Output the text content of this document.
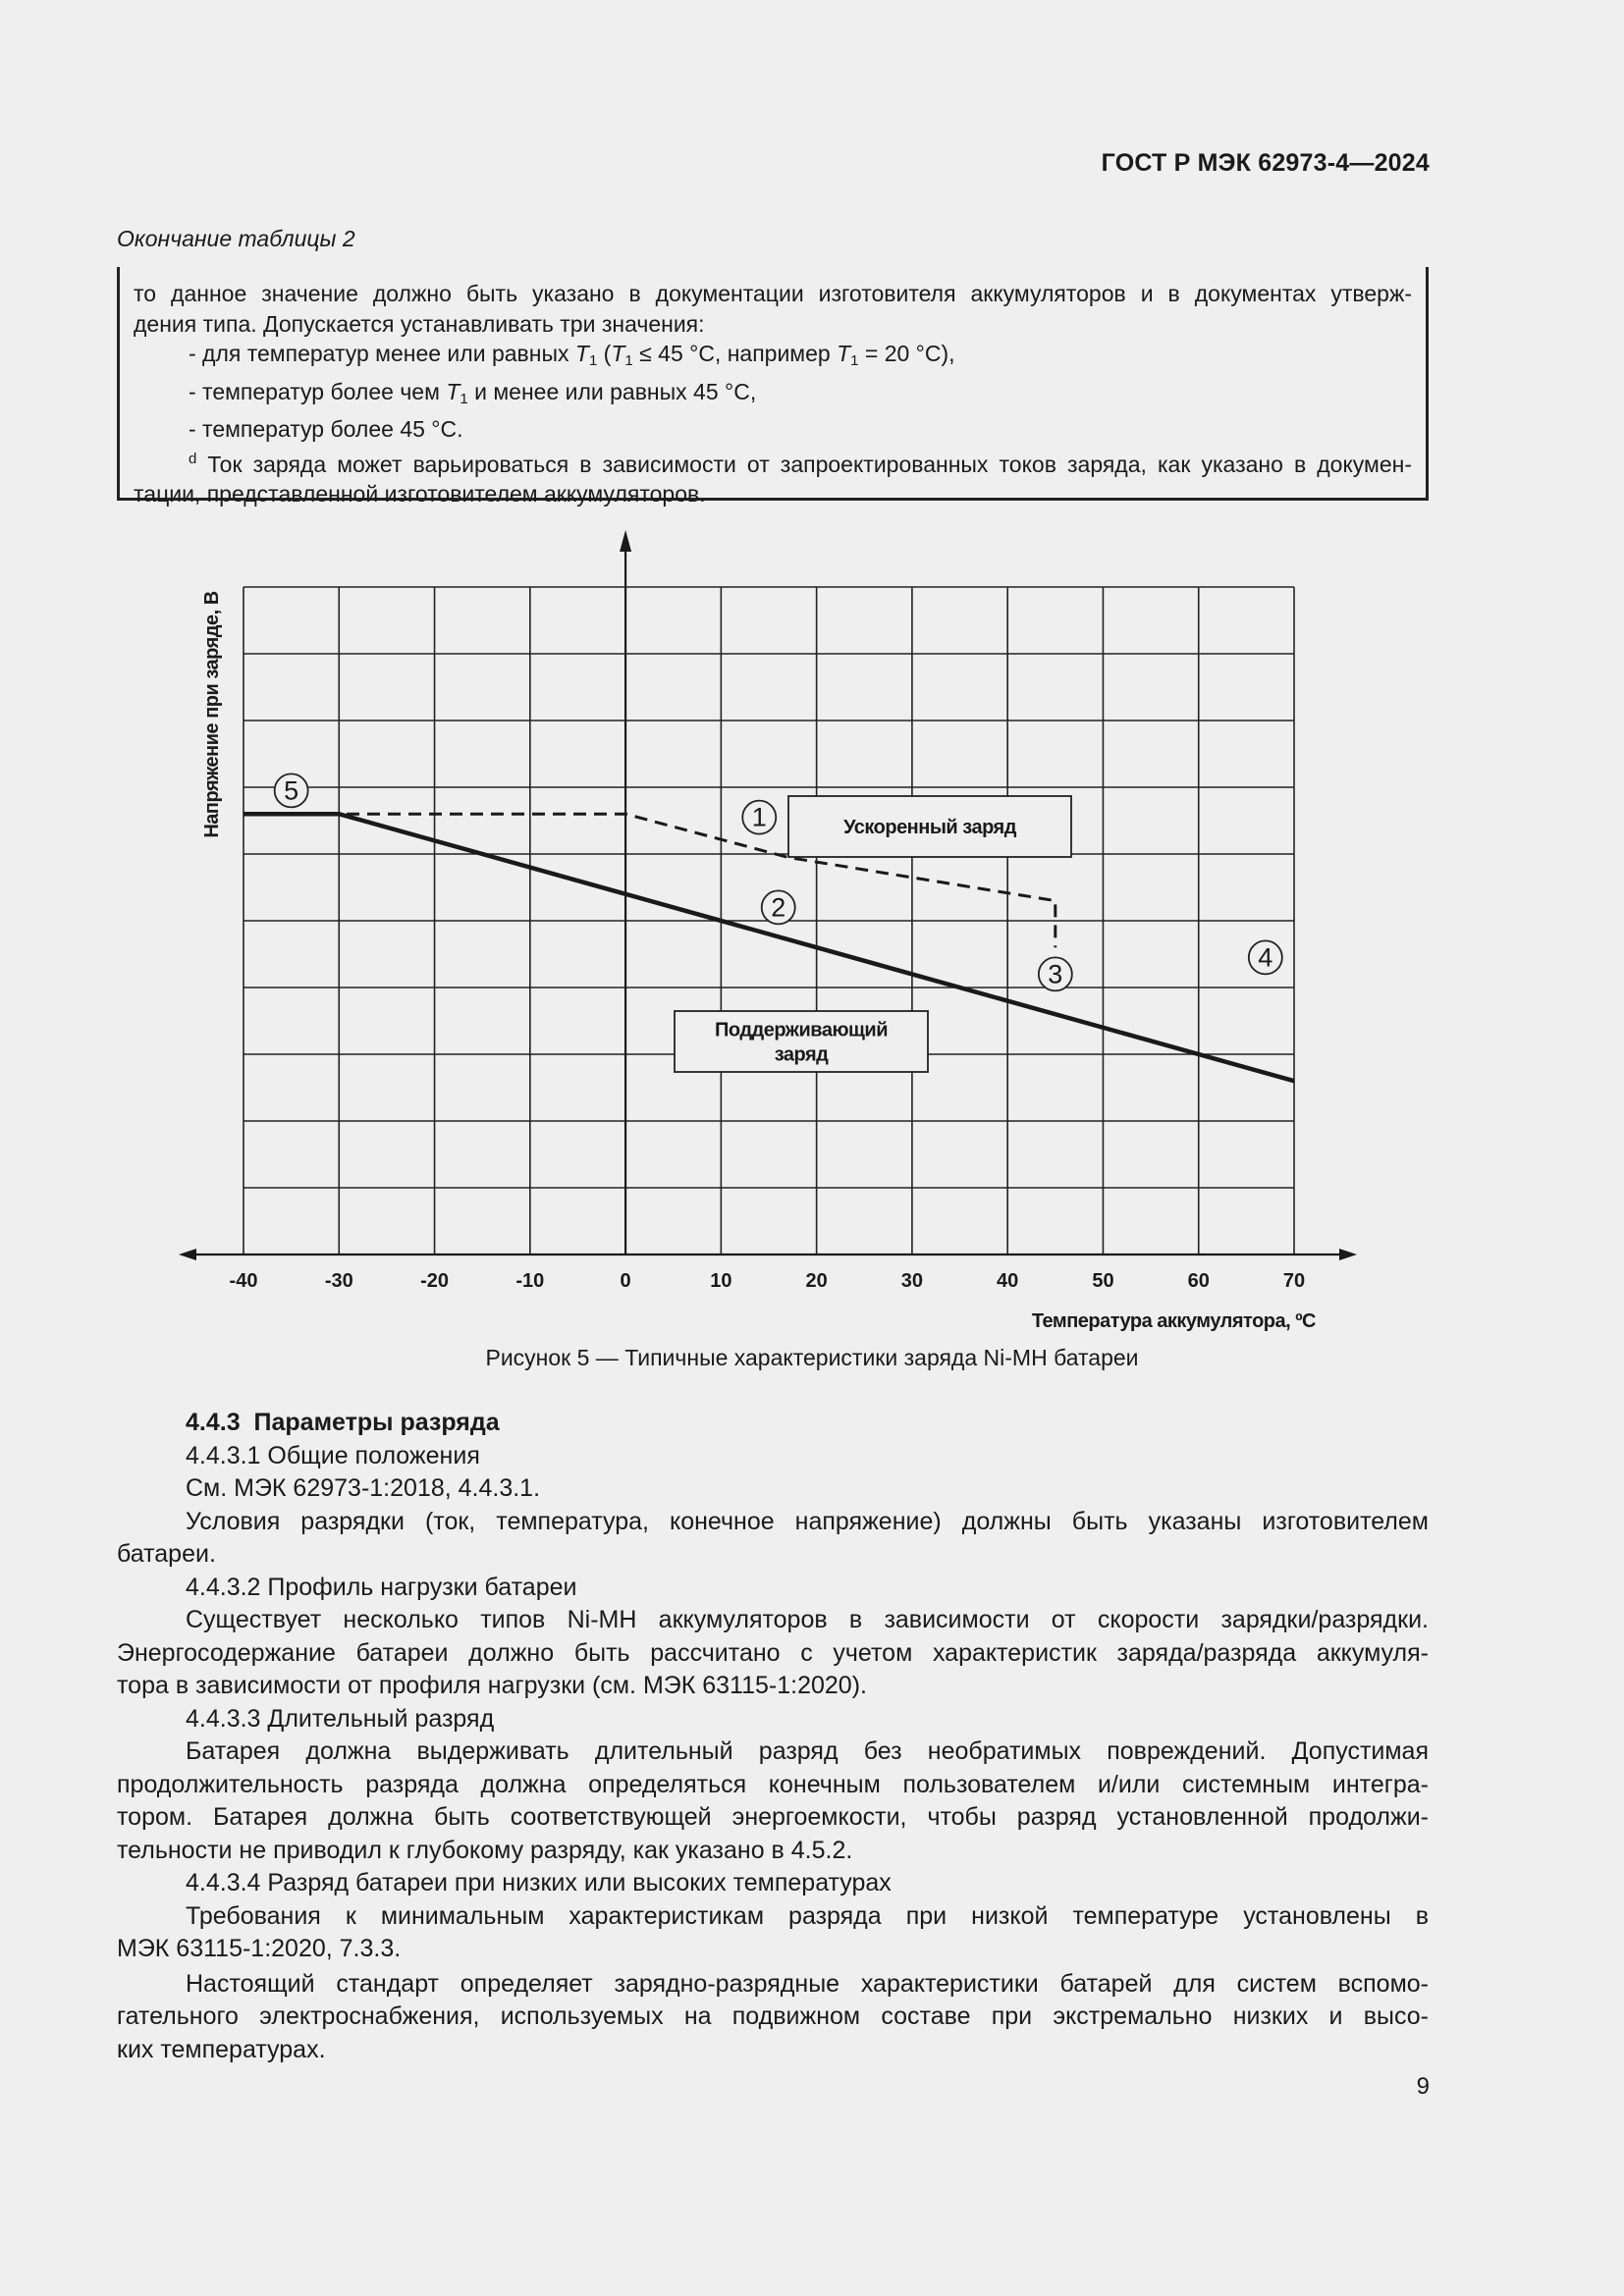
ГОСТ Р МЭК 62973-4—2024
Окончание таблицы 2

то данное значение должно быть указано в документации изготовителя аккумуляторов и в документах утверж-

дения типа. Допускается устанавливать три значения:

- для температур менее или равных $T_1$ ($T_1 \le 45$ °С, например $T_1 = 20$ °С),

- температур более чем $T_1$ и менее или равных 45 °С,

- температур более 45 °С.

$^d$ Ток заряда может варьироваться в зависимости от запроектированных токов заряда, как указано в докумен-

тации, представленной изготовителем аккумуляторов.

Ускоренный заряд
Поддерживающий
заряд
1
2
3
4
5
-40	-30	-20	-10	0	10	20	30	40	50	60	70
Температура аккумулятора, ºС
Напряжение при заряде, В
Рисунок 5 — Типичные характеристики заряда Ni-MH батареи

4.4.3 Параметры разряда

4.4.3.1 Общие положения

См. МЭК 62973-1:2018, 4.4.3.1.

Условия разрядки (ток, температура, конечное напряжение) должны быть указаны изготовителем

батареи.

4.4.3.2 Профиль нагрузки батареи

Существует несколько типов Ni-MH аккумуляторов в зависимости от скорости зарядки/разрядки.

Энергосодержание батареи должно быть рассчитано с учетом характеристик заряда/разряда аккумуля-

тора в зависимости от профиля нагрузки (см. МЭК 63115-1:2020).

4.4.3.3 Длительный разряд

Батарея должна выдерживать длительный разряд без необратимых повреждений. Допустимая

продолжительность разряда должна определяться конечным пользователем и/или системным интегра-

тором. Батарея должна быть соответствующей энергоемкости, чтобы разряд установленной продолжи-

тельности не приводил к глубокому разряду, как указано в 4.5.2.

4.4.3.4 Разряд батареи при низких или высоких температурах

Требования к минимальным характеристикам разряда при низкой температуре установлены в

МЭК 63115-1:2020, 7.3.3.

Настоящий стандарт определяет зарядно-разрядные характеристики батарей для систем вспомо-

гательного электроснабжения, используемых на подвижном составе при экстремально низких и высо-

ких температурах.

9
